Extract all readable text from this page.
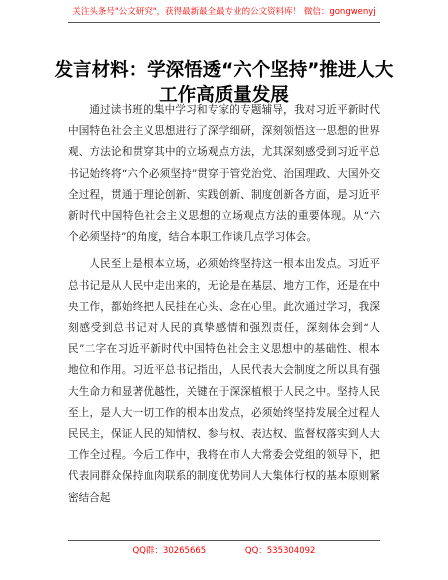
关注头条号"公文研究"，获得最新最全最专业的公文资料库！ 微信：gongwenyj
发言材料：学深悟透“六个坚持”推进人大工作高质量发展

通过读书班的集中学习和专家的专题辅导，我对习近平新时代中国特色社会主义思想进行了深学细研，深刻领悟这一思想的世界观、方法论和贯穿其中的立场观点方法，尤其深刻感受到习近平总书记始终将“六个必须坚持”贯穿于管党治党、治国理政、大国外交全过程，贯通于理论创新、实践创新、制度创新各方面，是习近平新时代中国特色社会主义思想的立场观点方法的重要体现。从“六个必须坚持”的角度，结合本职工作谈几点学习体会。

人民至上是根本立场，必须始终坚持这一根本出发点。习近平总书记是从人民中走出来的，无论是在基层、地方工作，还是在中央工作，都始终把人民挂在心头、念在心里。此次通过学习，我深刻感受到总书记对人民的真挚感情和强烈责任，深刻体会到“人民”二字在习近平新时代中国特色社会主义思想中的基础性、根本地位和作用。习近平总书记指出，人民代表大会制度之所以具有强大生命力和显著优越性，关键在于深深植根于人民之中。坚持人民至上，是人大一切工作的根本出发点，必须始终坚持发展全过程人民民主，保证人民的知情权、参与权、表达权、监督权落实到人大工作全过程。今后工作中，我将在市人大常委会党组的领导下，把代表同群众保持血肉联系的制度优势同人大集体行权的基本原则紧密结合起

QQ群：30265665	QQ：535304092
